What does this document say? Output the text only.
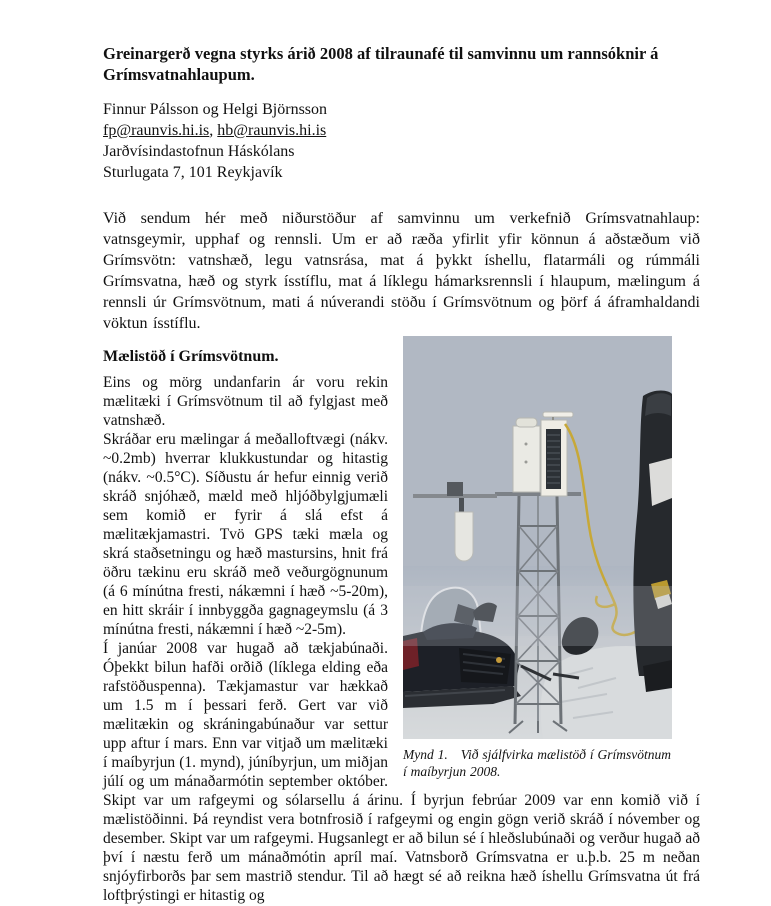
Greinargerð vegna styrks árið 2008 af tilraunafé til samvinnu um rannsóknir á Grímsvatnahlaupum.
Finnur Pálsson og Helgi Björnsson
fp@raunvis.hi.is, hb@raunvis.hi.is
Jarðvísindastofnun Háskólans
Sturlugata 7, 101 Reykjavík

Við sendum hér með niðurstöður af samvinnu um verkefnið Grímsvatnahlaup: vatnsgeymir, upphaf og rennsli. Um er að ræða yfirlit yfir könnun á aðstæðum við Grímsvötn: vatnshæð, legu vatnsrása, mat á þykkt íshellu, flatarmáli og rúmmáli Grímsvatna, hæð og styrk ísstíflu, mat á líklegu hámarksrennsli í hlaupum, mælingum á rennsli úr Grímsvötnum, mati á núverandi stöðu í Grímsvötnum og þörf á áframhaldandi vöktun ísstíflu.

Mynd 1. Við sjálfvirka mælistöð í Grímsvötnum í maíbyrjun 2008.
Mælistöð í Grímsvötnum.

Eins og mörg undanfarin ár voru rekin mælitæki í Grímsvötnum til að fylgjast með vatnshæð.

Skráðar eru mælingar á meðalloftvægi (nákv. ~0.2mb) hverrar klukkustundar og hitastig (nákv. ~0.5°C). Síðustu ár hefur einnig verið skráð snjóhæð, mæld með hljóðbylgjumæli sem komið er fyrir á slá efst á mælitækjamastri. Tvö GPS tæki mæla og skrá staðsetningu og hæð mastursins, hnit frá öðru tækinu eru skráð með veðurgögnunum (á 6 mínútna fresti, nákæmni í hæð ~5-20m), en hitt skráir í innbyggða gagnageymslu (á 3 mínútna fresti, nákæmni í hæð ~2-5m).

Í janúar 2008 var hugað að tækjabúnaði. Óþekkt bilun hafði orðið (líklega elding eða rafstöðuspenna). Tækjamastur var hækkað um 1.5 m í þessari ferð. Gert var við mælitækin og skráningabúnaður var settur upp aftur í mars. Enn var vitjað um mælitæki í maíbyrjun (1. mynd), júníbyrjun, um miðjan júlí og um mánaðarmótin september október. Skipt var um rafgeymi og sólarsellu á árinu. Í byrjun febrúar 2009 var enn komið við í mælistöðinni. Þá reyndist vera botnfrosið í rafgeymi og engin gögn verið skráð í nóvember og desember. Skipt var um rafgeymi. Hugsanlegt er að bilun sé í hleðslubúnaði og verður hugað að því í næstu ferð um mánaðmótin apríl maí. Vatnsborð Grímsvatna er u.þ.b. 25 m neðan snjóyfirborðs þar sem mastrið stendur. Til að hægt sé að reikna hæð íshellu Grímsvatna út frá loftþrýstingi er hitastig og
